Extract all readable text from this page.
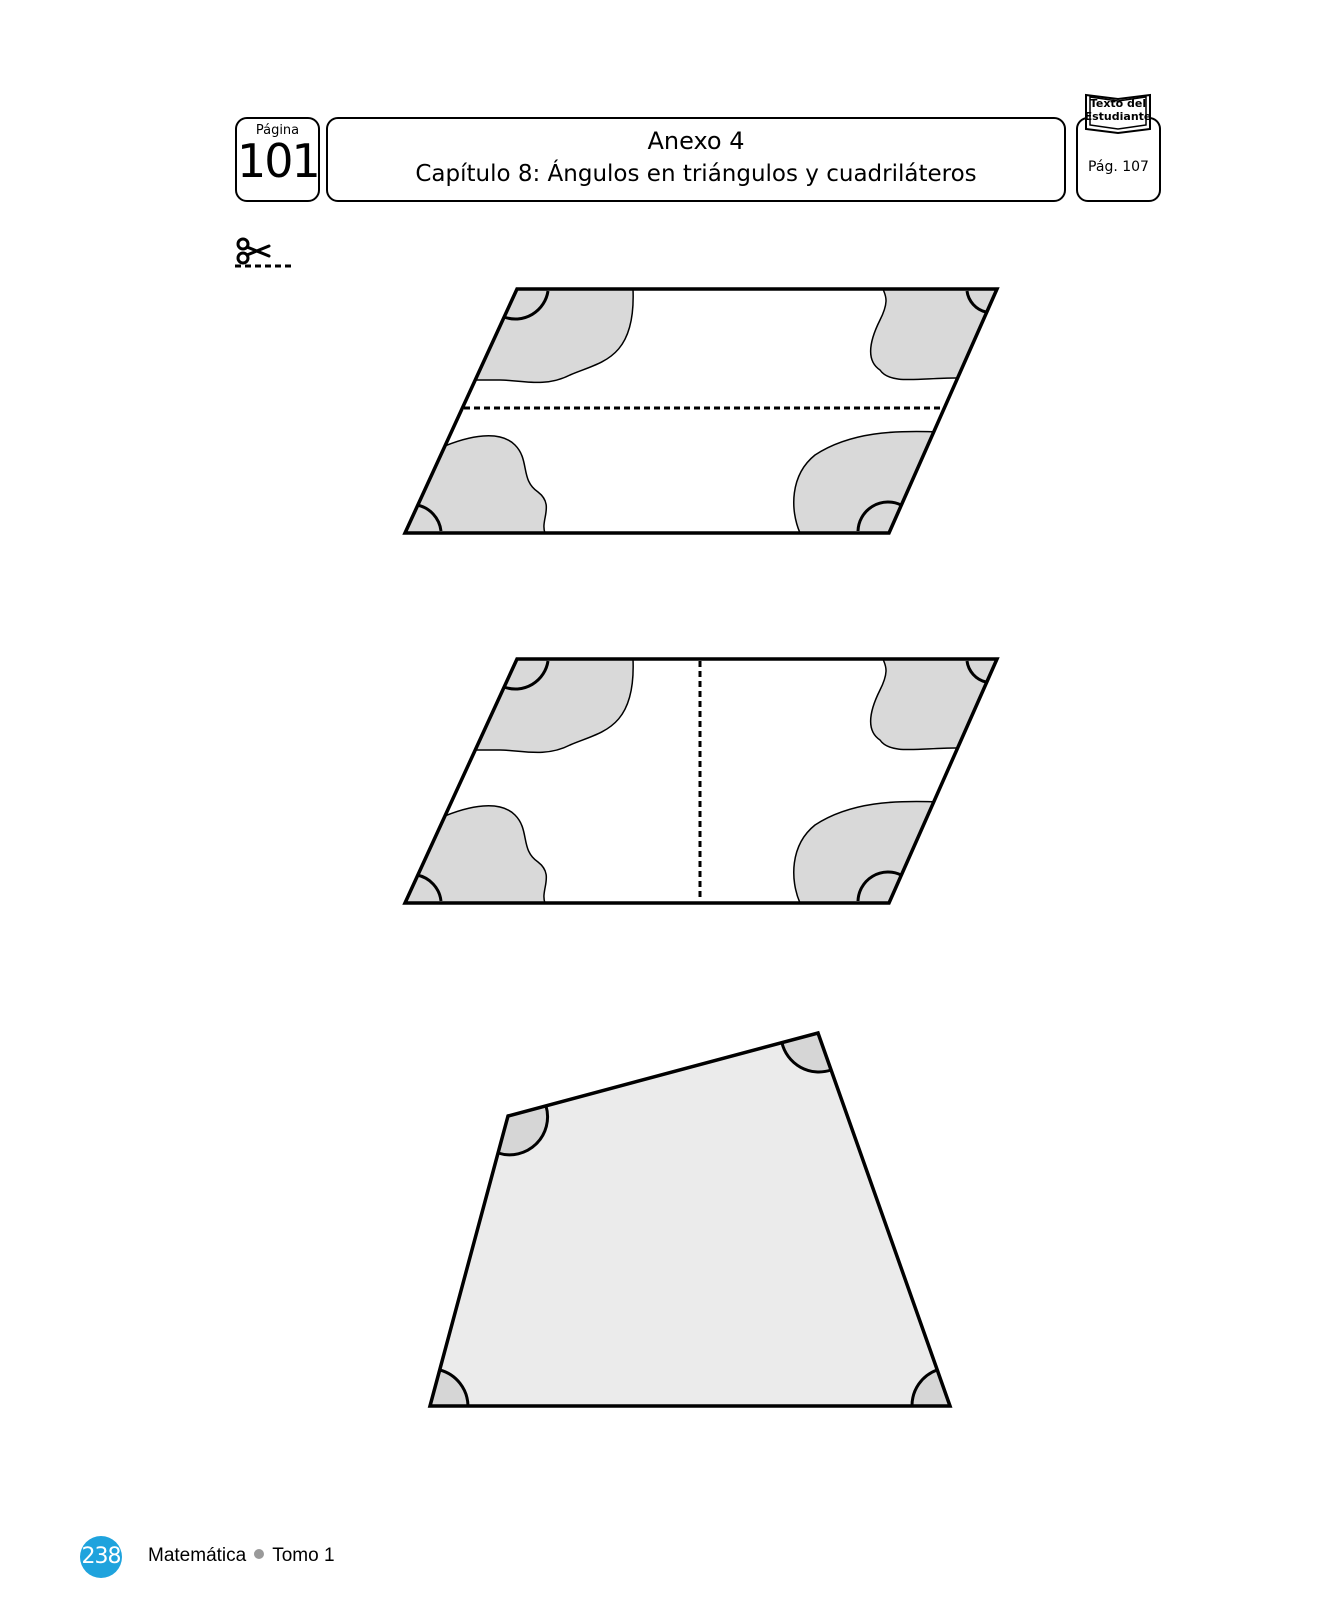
Página
101	Anexo 4
Capítulo 8: Ángulos en triángulos y cuadriláteros	Pág. 107
Texto del
Estudiante
238 Matemática Tomo 1
